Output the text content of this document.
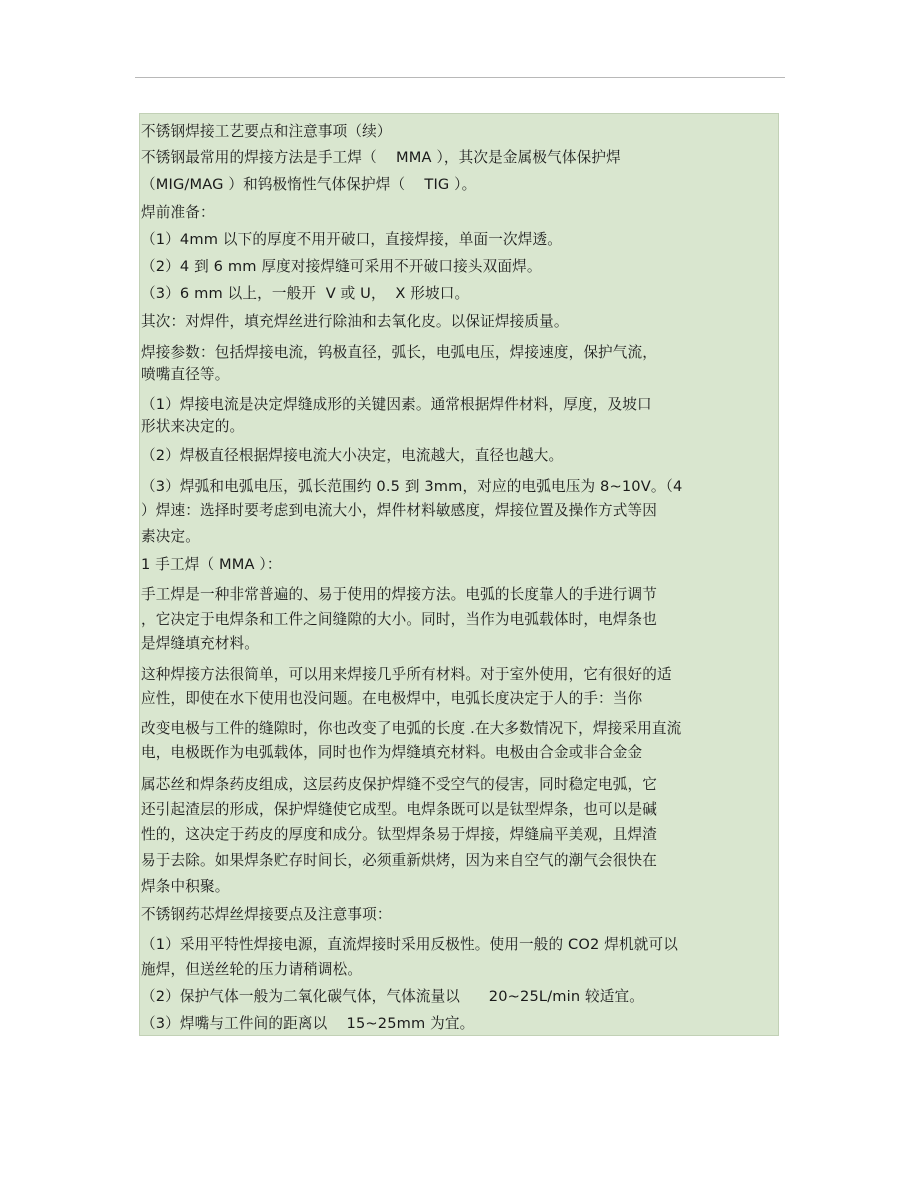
不锈钢焊接工艺要点和注意事项（续）
不锈钢最常用的焊接方法是手工焊（    MMA ），其次是金属极气体保护焊
（MIG/MAG ）和钨极惰性气体保护焊（    TIG ）。
焊前准备：
（1）4mm 以下的厚度不用开破口，直接焊接，单面一次焊透。
（2）4 到 6 mm 厚度对接焊缝可采用不开破口接头双面焊。
（3）6 mm 以上，一般开  V 或 U，  X 形坡口。
其次：对焊件，填充焊丝进行除油和去氧化皮。以保证焊接质量。
焊接参数：包括焊接电流，钨极直径，弧长，电弧电压，焊接速度，保护气流，
喷嘴直径等。
（1）焊接电流是决定焊缝成形的关键因素。通常根据焊件材料，厚度，及坡口
形状来决定的。
（2）焊极直径根据焊接电流大小决定，电流越大，直径也越大。
（3）焊弧和电弧电压，弧长范围约 0.5 到 3mm，对应的电弧电压为 8~10V。（4
）焊速：选择时要考虑到电流大小，焊件材料敏感度，焊接位置及操作方式等因
素决定。
1 手工焊（ MMA ）：
手工焊是一种非常普遍的、易于使用的焊接方法。电弧的长度靠人的手进行调节
，它决定于电焊条和工件之间缝隙的大小。同时，当作为电弧载体时，电焊条也
是焊缝填充材料。
这种焊接方法很简单，可以用来焊接几乎所有材料。对于室外使用，它有很好的适
应性，即使在水下使用也没问题。在电极焊中，电弧长度决定于人的手：当你
改变电极与工件的缝隙时，你也改变了电弧的长度 .在大多数情况下，焊接采用直流
电，电极既作为电弧载体，同时也作为焊缝填充材料。电极由合金或非合金金
属芯丝和焊条药皮组成，这层药皮保护焊缝不受空气的侵害，同时稳定电弧，它
还引起渣层的形成，保护焊缝使它成型。电焊条既可以是钛型焊条，也可以是碱
性的，这决定于药皮的厚度和成分。钛型焊条易于焊接，焊缝扁平美观，且焊渣
易于去除。如果焊条贮存时间长，必须重新烘烤，因为来自空气的潮气会很快在
焊条中积聚。
不锈钢药芯焊丝焊接要点及注意事项：
（1）采用平特性焊接电源，直流焊接时采用反极性。使用一般的 CO2 焊机就可以
施焊，但送丝轮的压力请稍调松。
（2）保护气体一般为二氧化碳气体，气体流量以      20~25L/min 较适宜。
（3）焊嘴与工件间的距离以    15~25mm 为宜。
